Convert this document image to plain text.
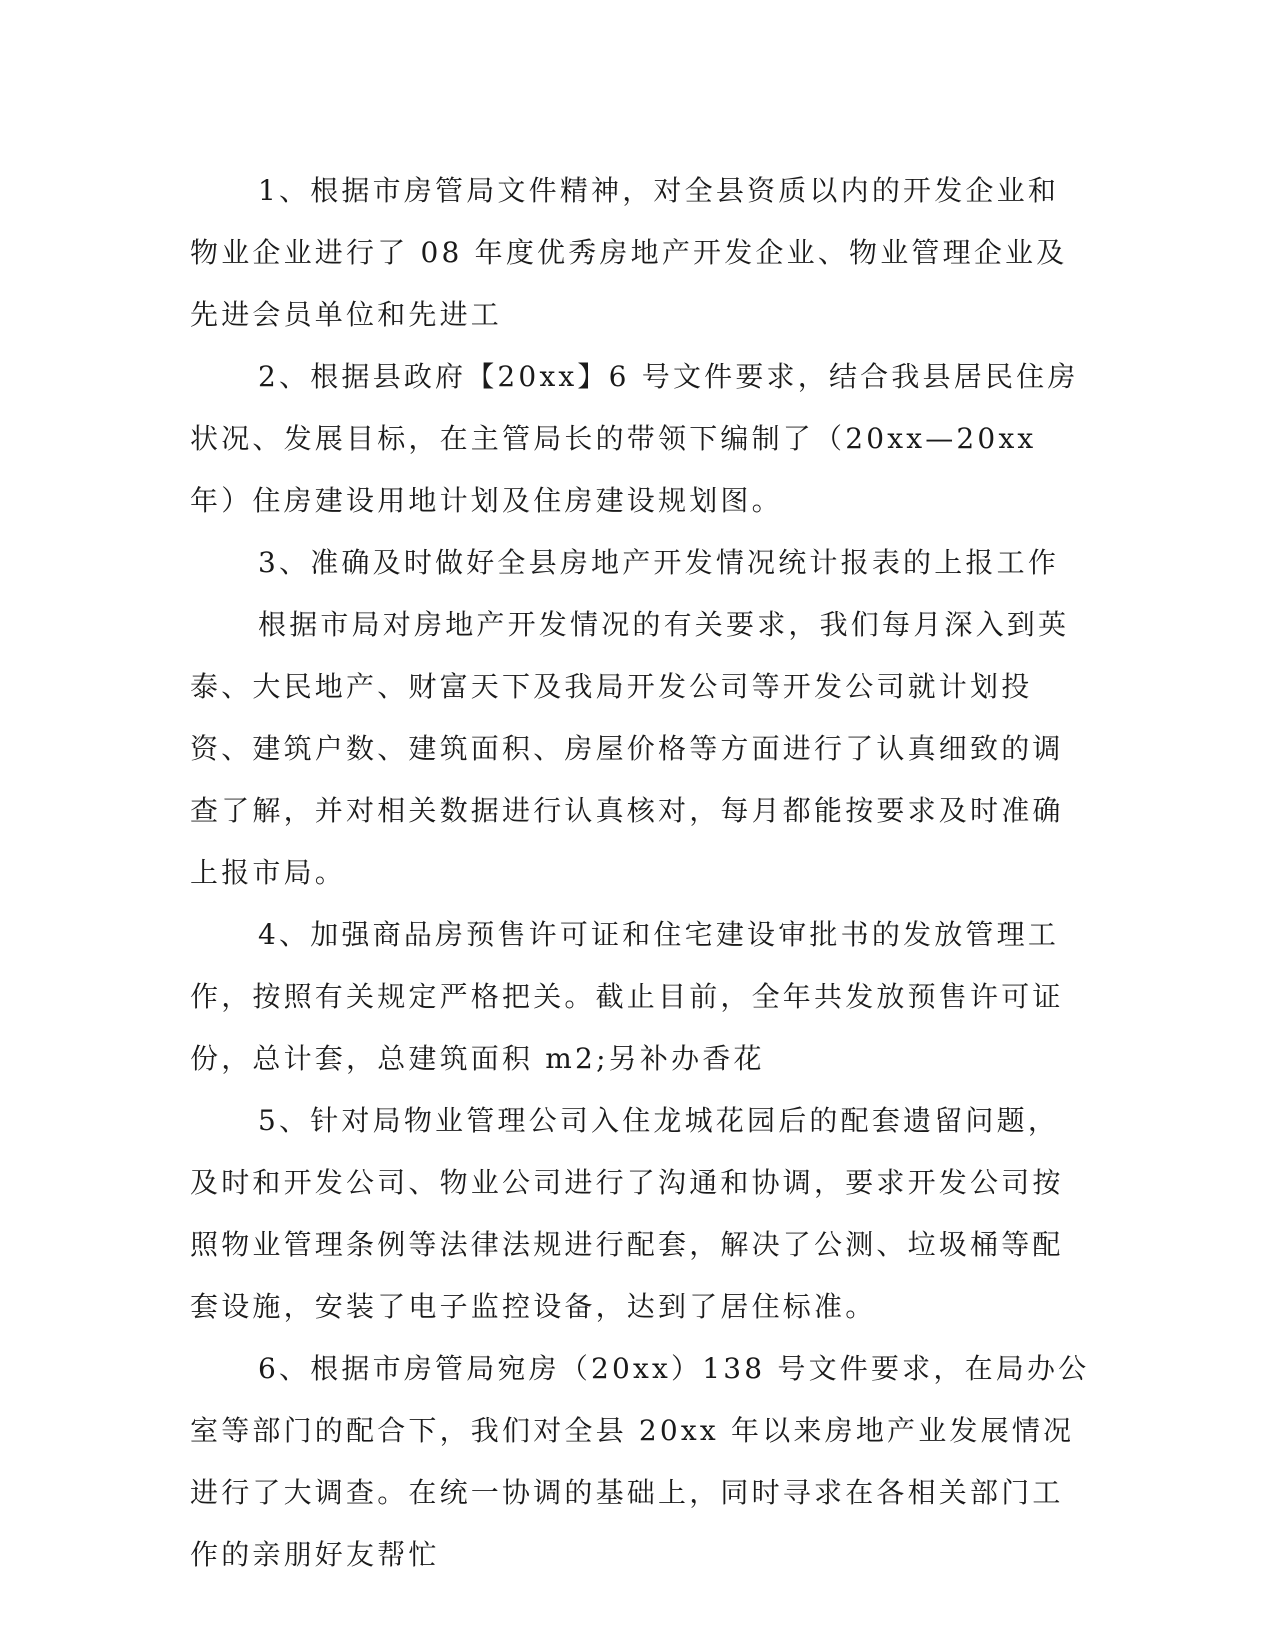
1、根据市房管局文件精神，对全县资质以内的开发企业和物业企业进行了 08 年度优秀房地产开发企业、物业管理企业及先进会员单位和先进工

2、根据县政府【20xx】6 号文件要求，结合我县居民住房状况、发展目标，在主管局长的带领下编制了（20xx—20xx 年）住房建设用地计划及住房建设规划图。

3、准确及时做好全县房地产开发情况统计报表的上报工作

根据市局对房地产开发情况的有关要求，我们每月深入到英泰、大民地产、财富天下及我局开发公司等开发公司就计划投资、建筑户数、建筑面积、房屋价格等方面进行了认真细致的调查了解，并对相关数据进行认真核对，每月都能按要求及时准确上报市局。

4、加强商品房预售许可证和住宅建设审批书的发放管理工作，按照有关规定严格把关。截止目前，全年共发放预售许可证份，总计套，总建筑面积 m2;另补办香花

5、针对局物业管理公司入住龙城花园后的配套遗留问题，及时和开发公司、物业公司进行了沟通和协调，要求开发公司按照物业管理条例等法律法规进行配套，解决了公测、垃圾桶等配套设施，安装了电子监控设备，达到了居住标准。

6、根据市房管局宛房（20xx）138 号文件要求，在局办公室等部门的配合下，我们对全县 20xx 年以来房地产业发展情况进行了大调查。在统一协调的基础上，同时寻求在各相关部门工作的亲朋好友帮忙
